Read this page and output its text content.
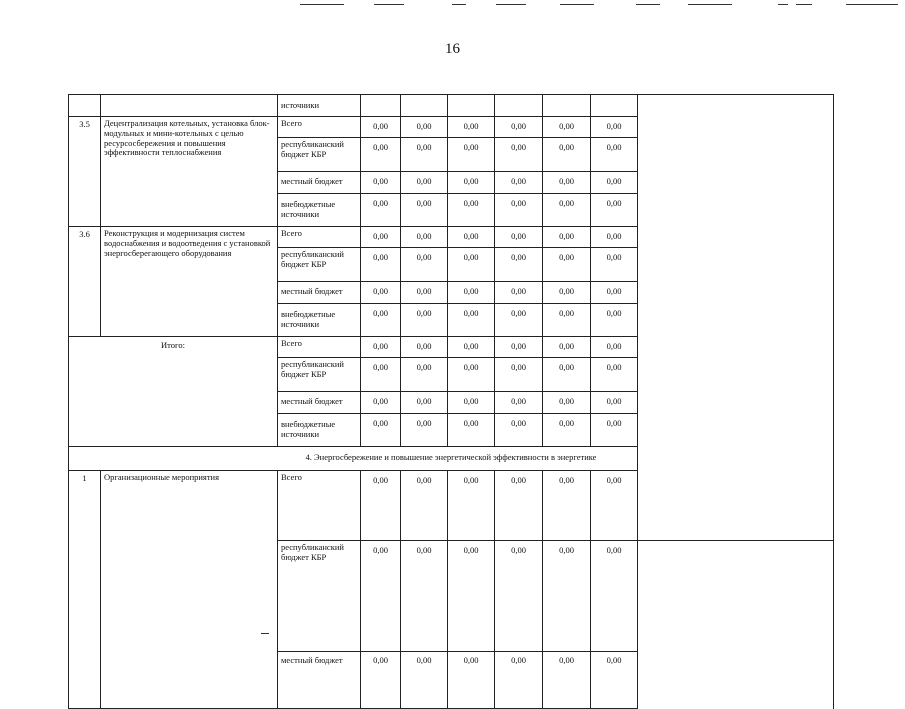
16
		источники								
3.5	Децентрализация котельных, установка блок-модульных и мини-котельных с целью ресурсосбережения и повышения эффективности теплоснабжения	Всего	0,00	0,00	0,00	0,00	0,00	0,00		
		республиканский бюджет КБР	0,00	0,00	0,00	0,00	0,00	0,00		
		местный бюджет	0,00	0,00	0,00	0,00	0,00	0,00		
		внебюджетные источники	0,00	0,00	0,00	0,00	0,00	0,00		
3.6	Реконструкция и модернизация систем водоснабжения и водоотведения с установкой энергосберегающего оборудования	Всего	0,00	0,00	0,00	0,00	0,00	0,00		
		республиканский бюджет КБР	0,00	0,00	0,00	0,00	0,00	0,00		
		местный бюджет	0,00	0,00	0,00	0,00	0,00	0,00		
		внебюджетные источники	0,00	0,00	0,00	0,00	0,00	0,00		
Итого:		Всего	0,00	0,00	0,00	0,00	0,00	0,00		
		республиканский бюджет КБР	0,00	0,00	0,00	0,00	0,00	0,00		
		местный бюджет	0,00	0,00	0,00	0,00	0,00	0,00		
		внебюджетные источники	0,00	0,00	0,00	0,00	0,00	0,00		
4. Энергосбережение и повышение энергетической эффективности в энергетике										
1	Организационные мероприятия	Всего	0,00	0,00	0,00	0,00	0,00	0,00	
		республиканский бюджет КБР	0,00	0,00	0,00	0,00	0,00	0,00		
		местный бюджет	0,00	0,00	0,00	0,00	0,00	0,00		
